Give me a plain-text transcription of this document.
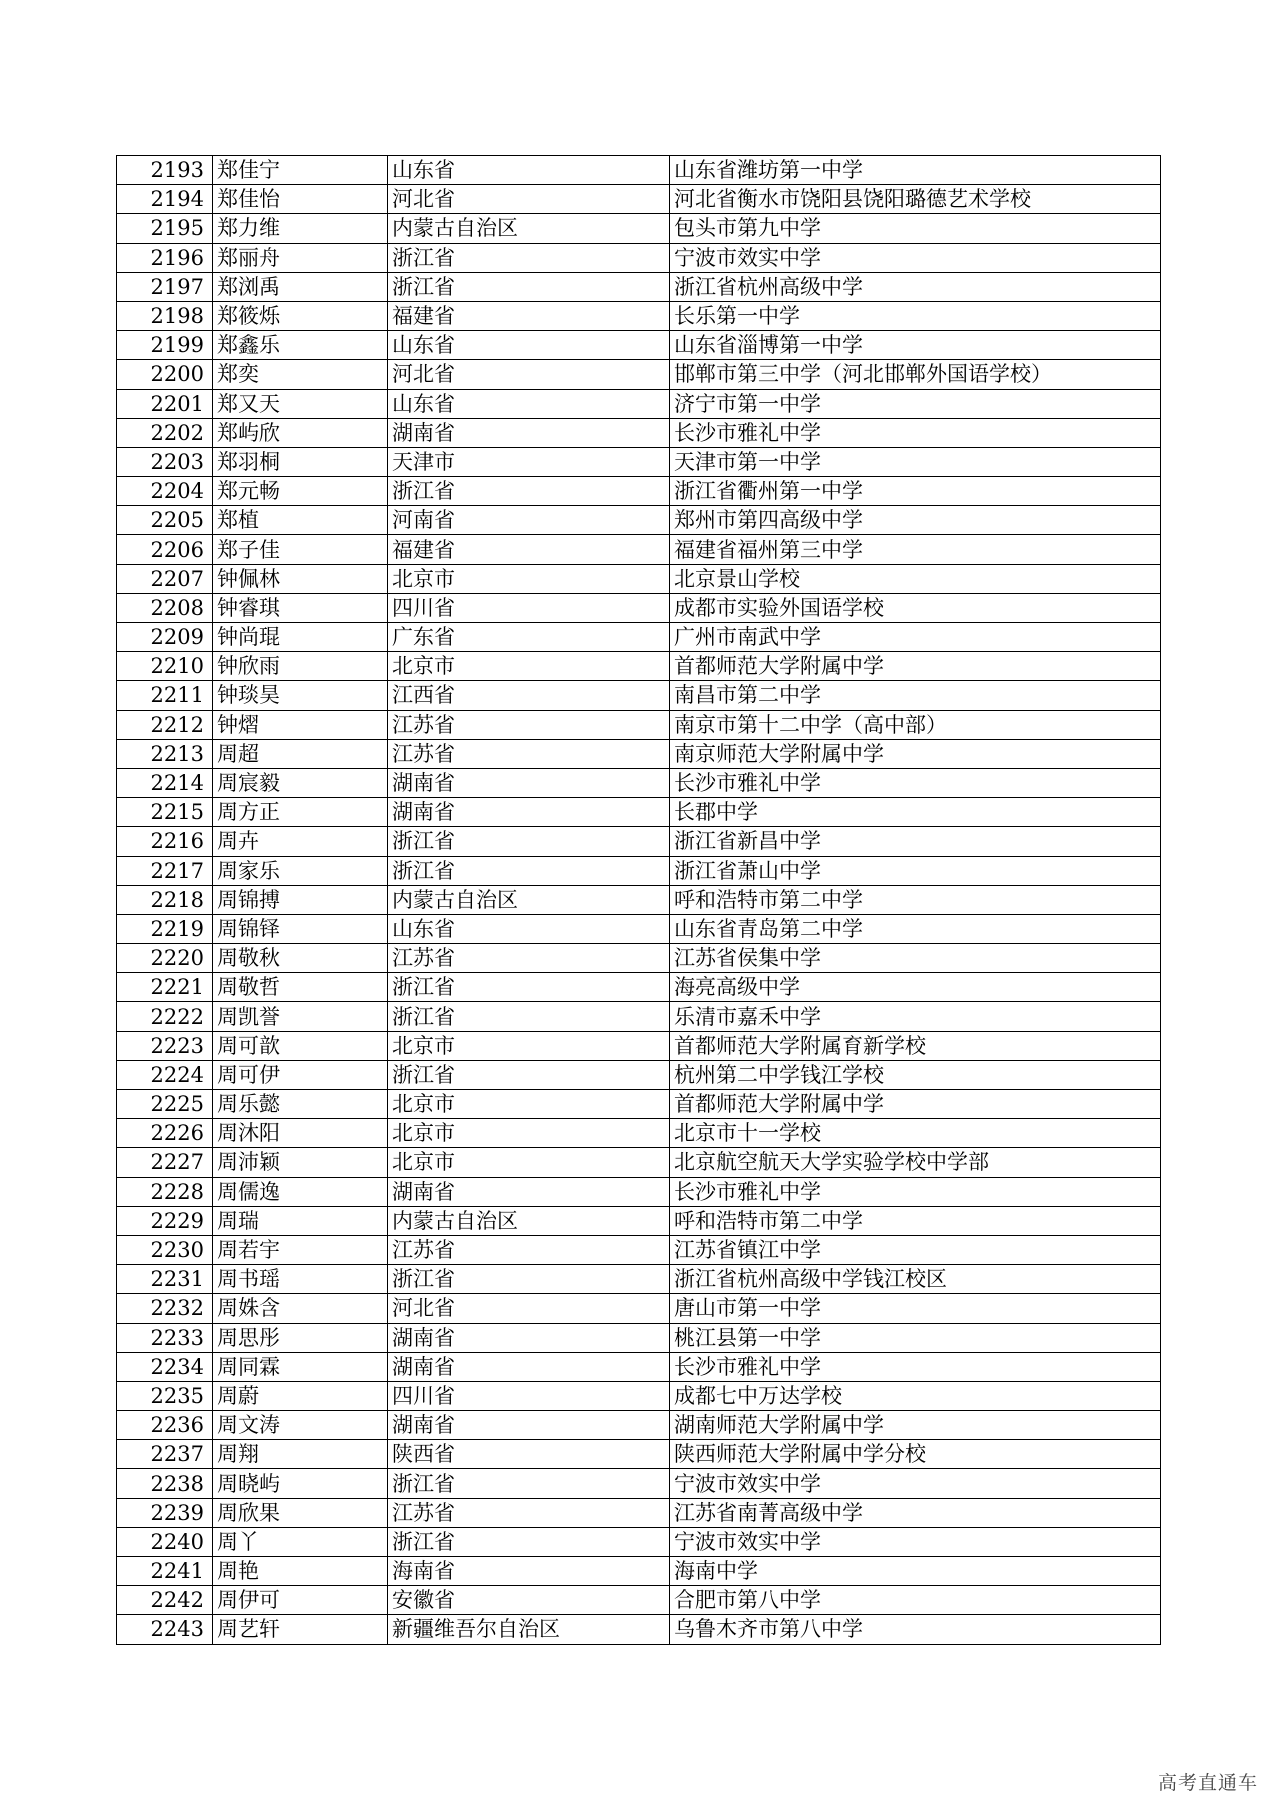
2193	郑佳宁	山东省	山东省潍坊第一中学
2194	郑佳怡	河北省	河北省衡水市饶阳县饶阳璐德艺术学校
2195	郑力维	内蒙古自治区	包头市第九中学
2196	郑丽舟	浙江省	宁波市效实中学
2197	郑浏禹	浙江省	浙江省杭州高级中学
2198	郑筱烁	福建省	长乐第一中学
2199	郑鑫乐	山东省	山东省淄博第一中学
2200	郑奕	河北省	邯郸市第三中学（河北邯郸外国语学校）
2201	郑又天	山东省	济宁市第一中学
2202	郑屿欣	湖南省	长沙市雅礼中学
2203	郑羽桐	天津市	天津市第一中学
2204	郑元畅	浙江省	浙江省衢州第一中学
2205	郑植	河南省	郑州市第四高级中学
2206	郑子佳	福建省	福建省福州第三中学
2207	钟佩林	北京市	北京景山学校
2208	钟睿琪	四川省	成都市实验外国语学校
2209	钟尚琨	广东省	广州市南武中学
2210	钟欣雨	北京市	首都师范大学附属中学
2211	钟琰昊	江西省	南昌市第二中学
2212	钟熠	江苏省	南京市第十二中学（高中部）
2213	周超	江苏省	南京师范大学附属中学
2214	周宸毅	湖南省	长沙市雅礼中学
2215	周方正	湖南省	长郡中学
2216	周卉	浙江省	浙江省新昌中学
2217	周家乐	浙江省	浙江省萧山中学
2218	周锦搏	内蒙古自治区	呼和浩特市第二中学
2219	周锦铎	山东省	山东省青岛第二中学
2220	周敬秋	江苏省	江苏省侯集中学
2221	周敬哲	浙江省	海亮高级中学
2222	周凯誉	浙江省	乐清市嘉禾中学
2223	周可歆	北京市	首都师范大学附属育新学校
2224	周可伊	浙江省	杭州第二中学钱江学校
2225	周乐懿	北京市	首都师范大学附属中学
2226	周沐阳	北京市	北京市十一学校
2227	周沛颖	北京市	北京航空航天大学实验学校中学部
2228	周儒逸	湖南省	长沙市雅礼中学
2229	周瑞	内蒙古自治区	呼和浩特市第二中学
2230	周若宇	江苏省	江苏省镇江中学
2231	周书瑶	浙江省	浙江省杭州高级中学钱江校区
2232	周姝含	河北省	唐山市第一中学
2233	周思彤	湖南省	桃江县第一中学
2234	周同霖	湖南省	长沙市雅礼中学
2235	周蔚	四川省	成都七中万达学校
2236	周文涛	湖南省	湖南师范大学附属中学
2237	周翔	陕西省	陕西师范大学附属中学分校
2238	周晓屿	浙江省	宁波市效实中学
2239	周欣果	江苏省	江苏省南菁高级中学
2240	周丫	浙江省	宁波市效实中学
2241	周艳	海南省	海南中学
2242	周伊可	安徽省	合肥市第八中学
2243	周艺轩	新疆维吾尔自治区	乌鲁木齐市第八中学
高考直通车
